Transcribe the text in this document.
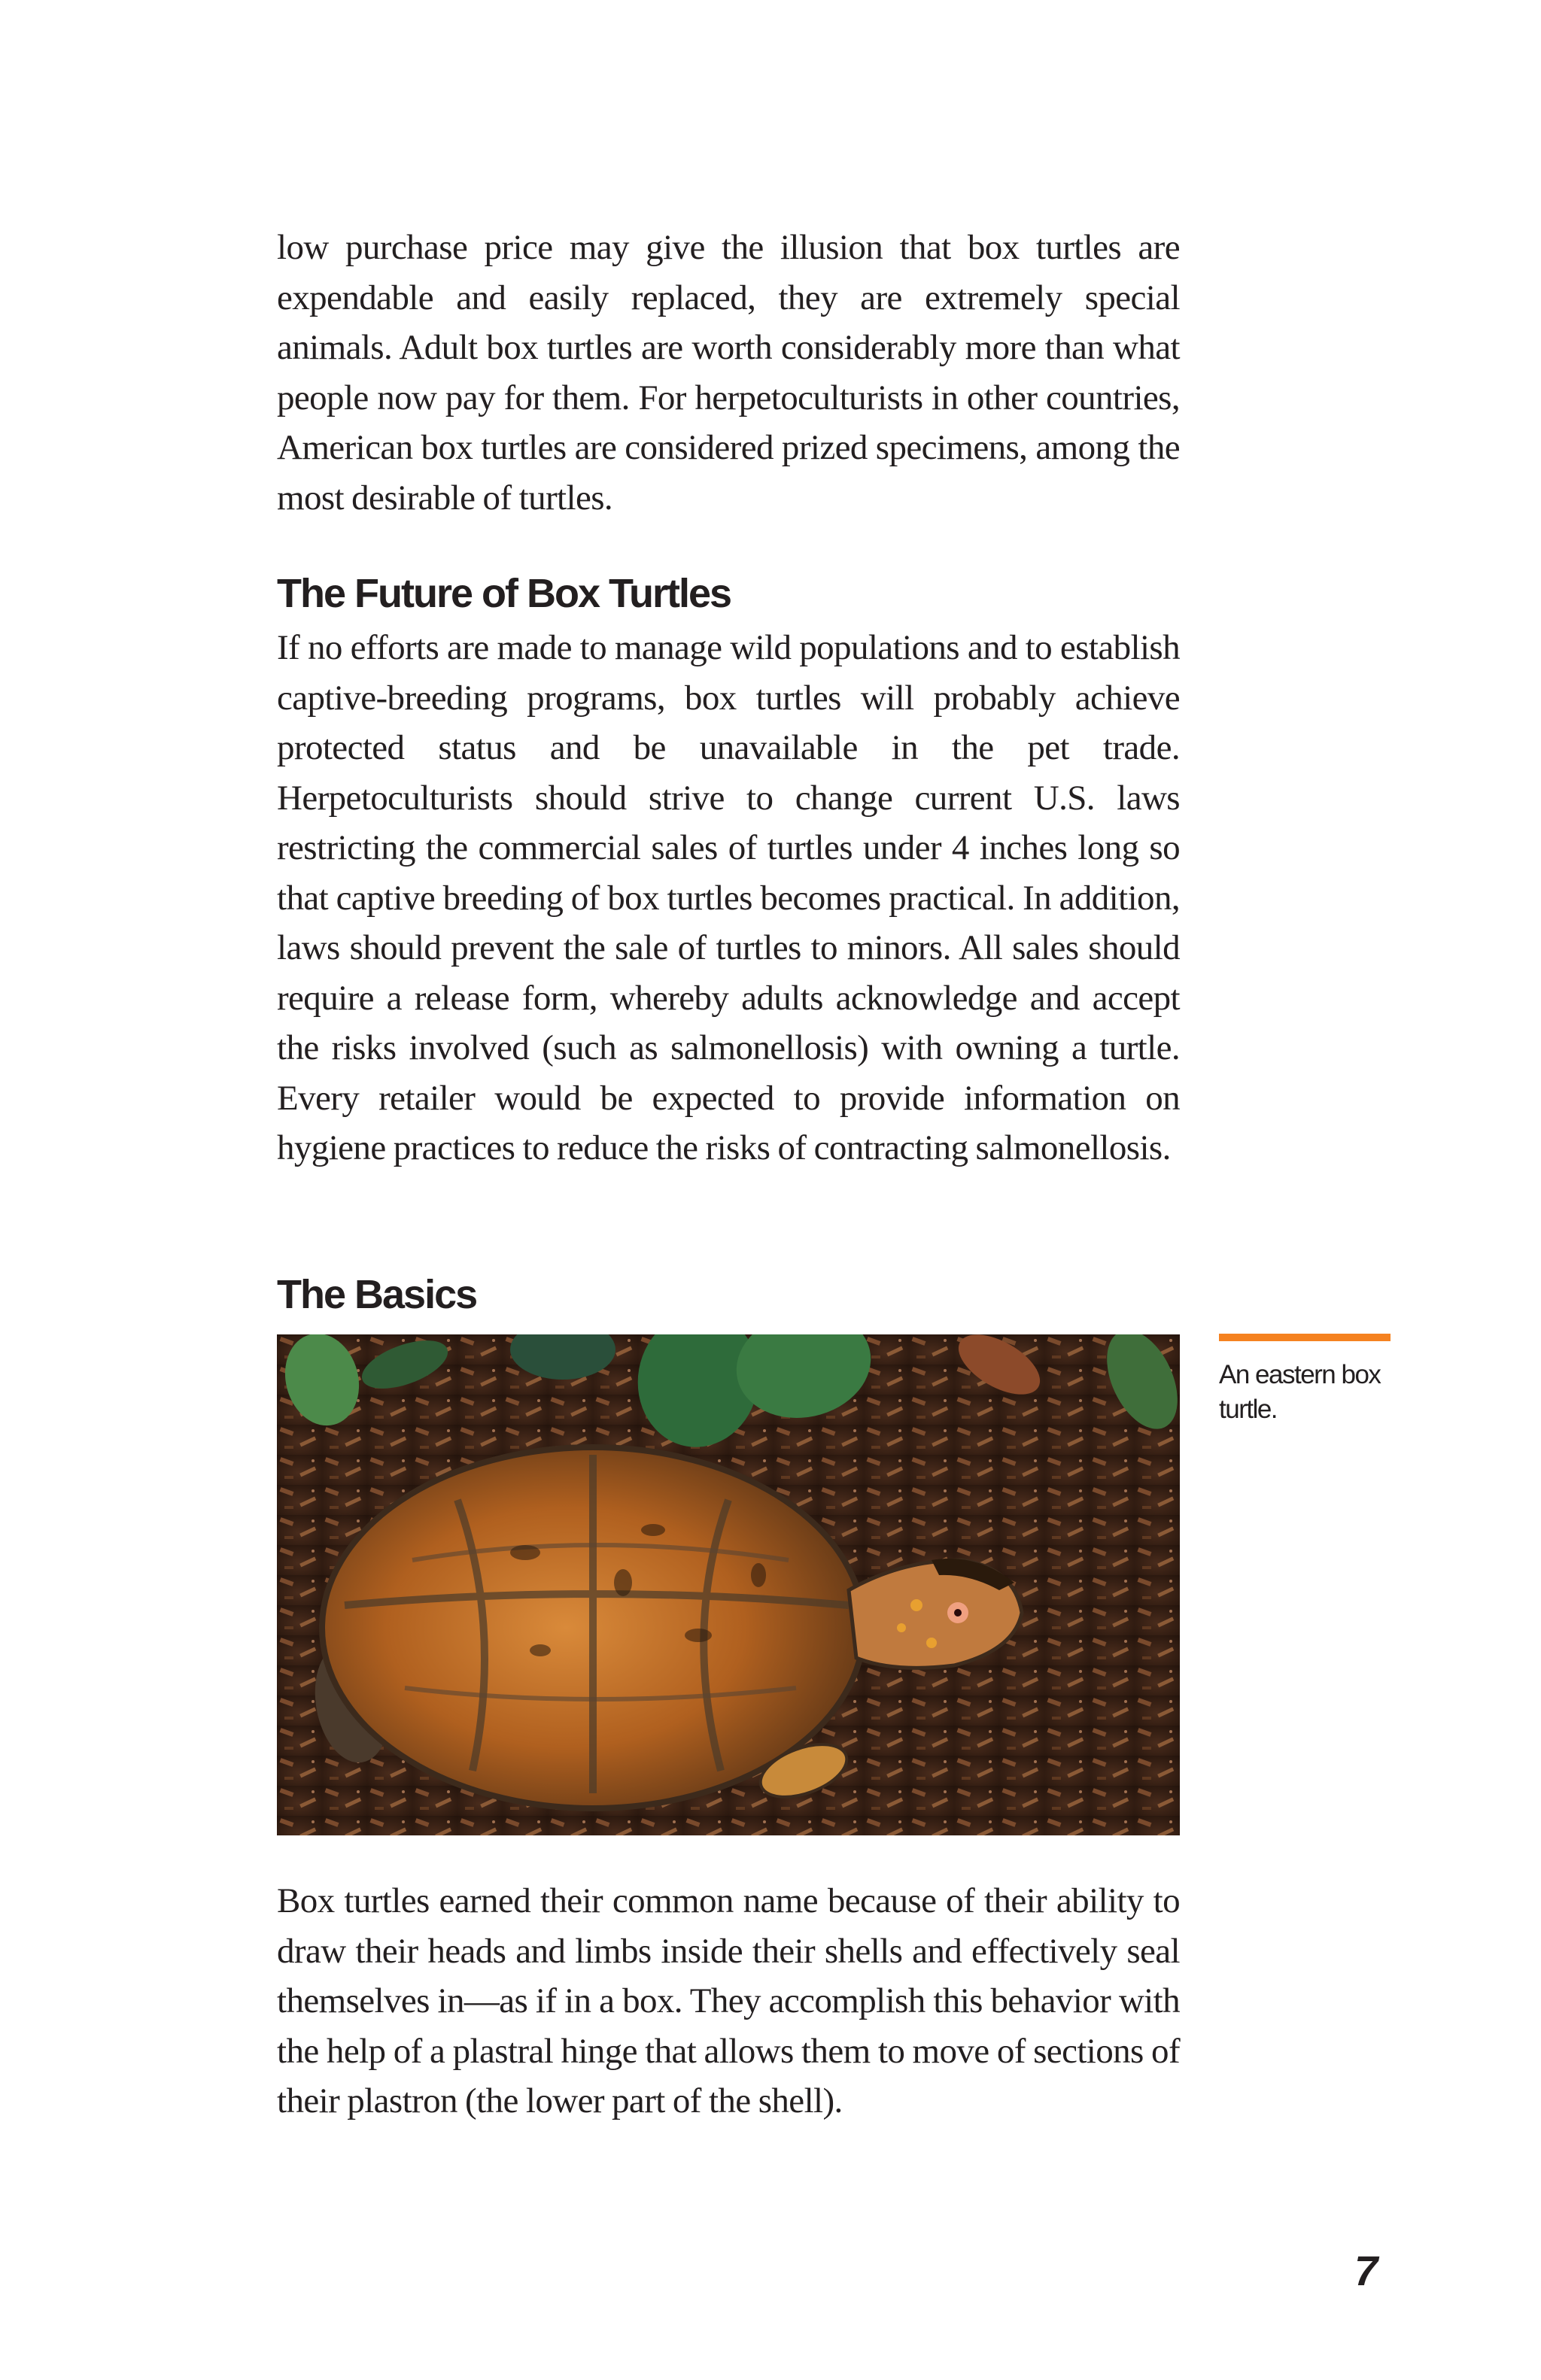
low purchase price may give the illusion that box turtles are expendable and easily replaced, they are extremely special animals. Adult box turtles are worth considerably more than what people now pay for them. For herpetoculturists in other countries, American box turtles are considered prized specimens, among the most desirable of turtles.

The Future of Box Turtles

If no efforts are made to manage wild populations and to establish captive-breeding programs, box turtles will probably achieve protected status and be unavailable in the pet trade. Herpetoculturists should strive to change current U.S. laws restricting the commercial sales of turtles under 4 inches long so that captive breeding of box turtles becomes practical. In addition, laws should prevent the sale of turtles to minors. All sales should require a release form, whereby adults acknowledge and accept the risks involved (such as salmonellosis) with owning a turtle. Every retailer would be expected to provide information on hygiene practices to reduce the risks of contracting salmonellosis.

The Basics

An eastern box turtle.

Box turtles earned their common name because of their ability to draw their heads and limbs inside their shells and effectively seal themselves in—as if in a box. They accomplish this behavior with the help of a plastral hinge that allows them to move of sections of their plastron (the lower part of the shell).

7
